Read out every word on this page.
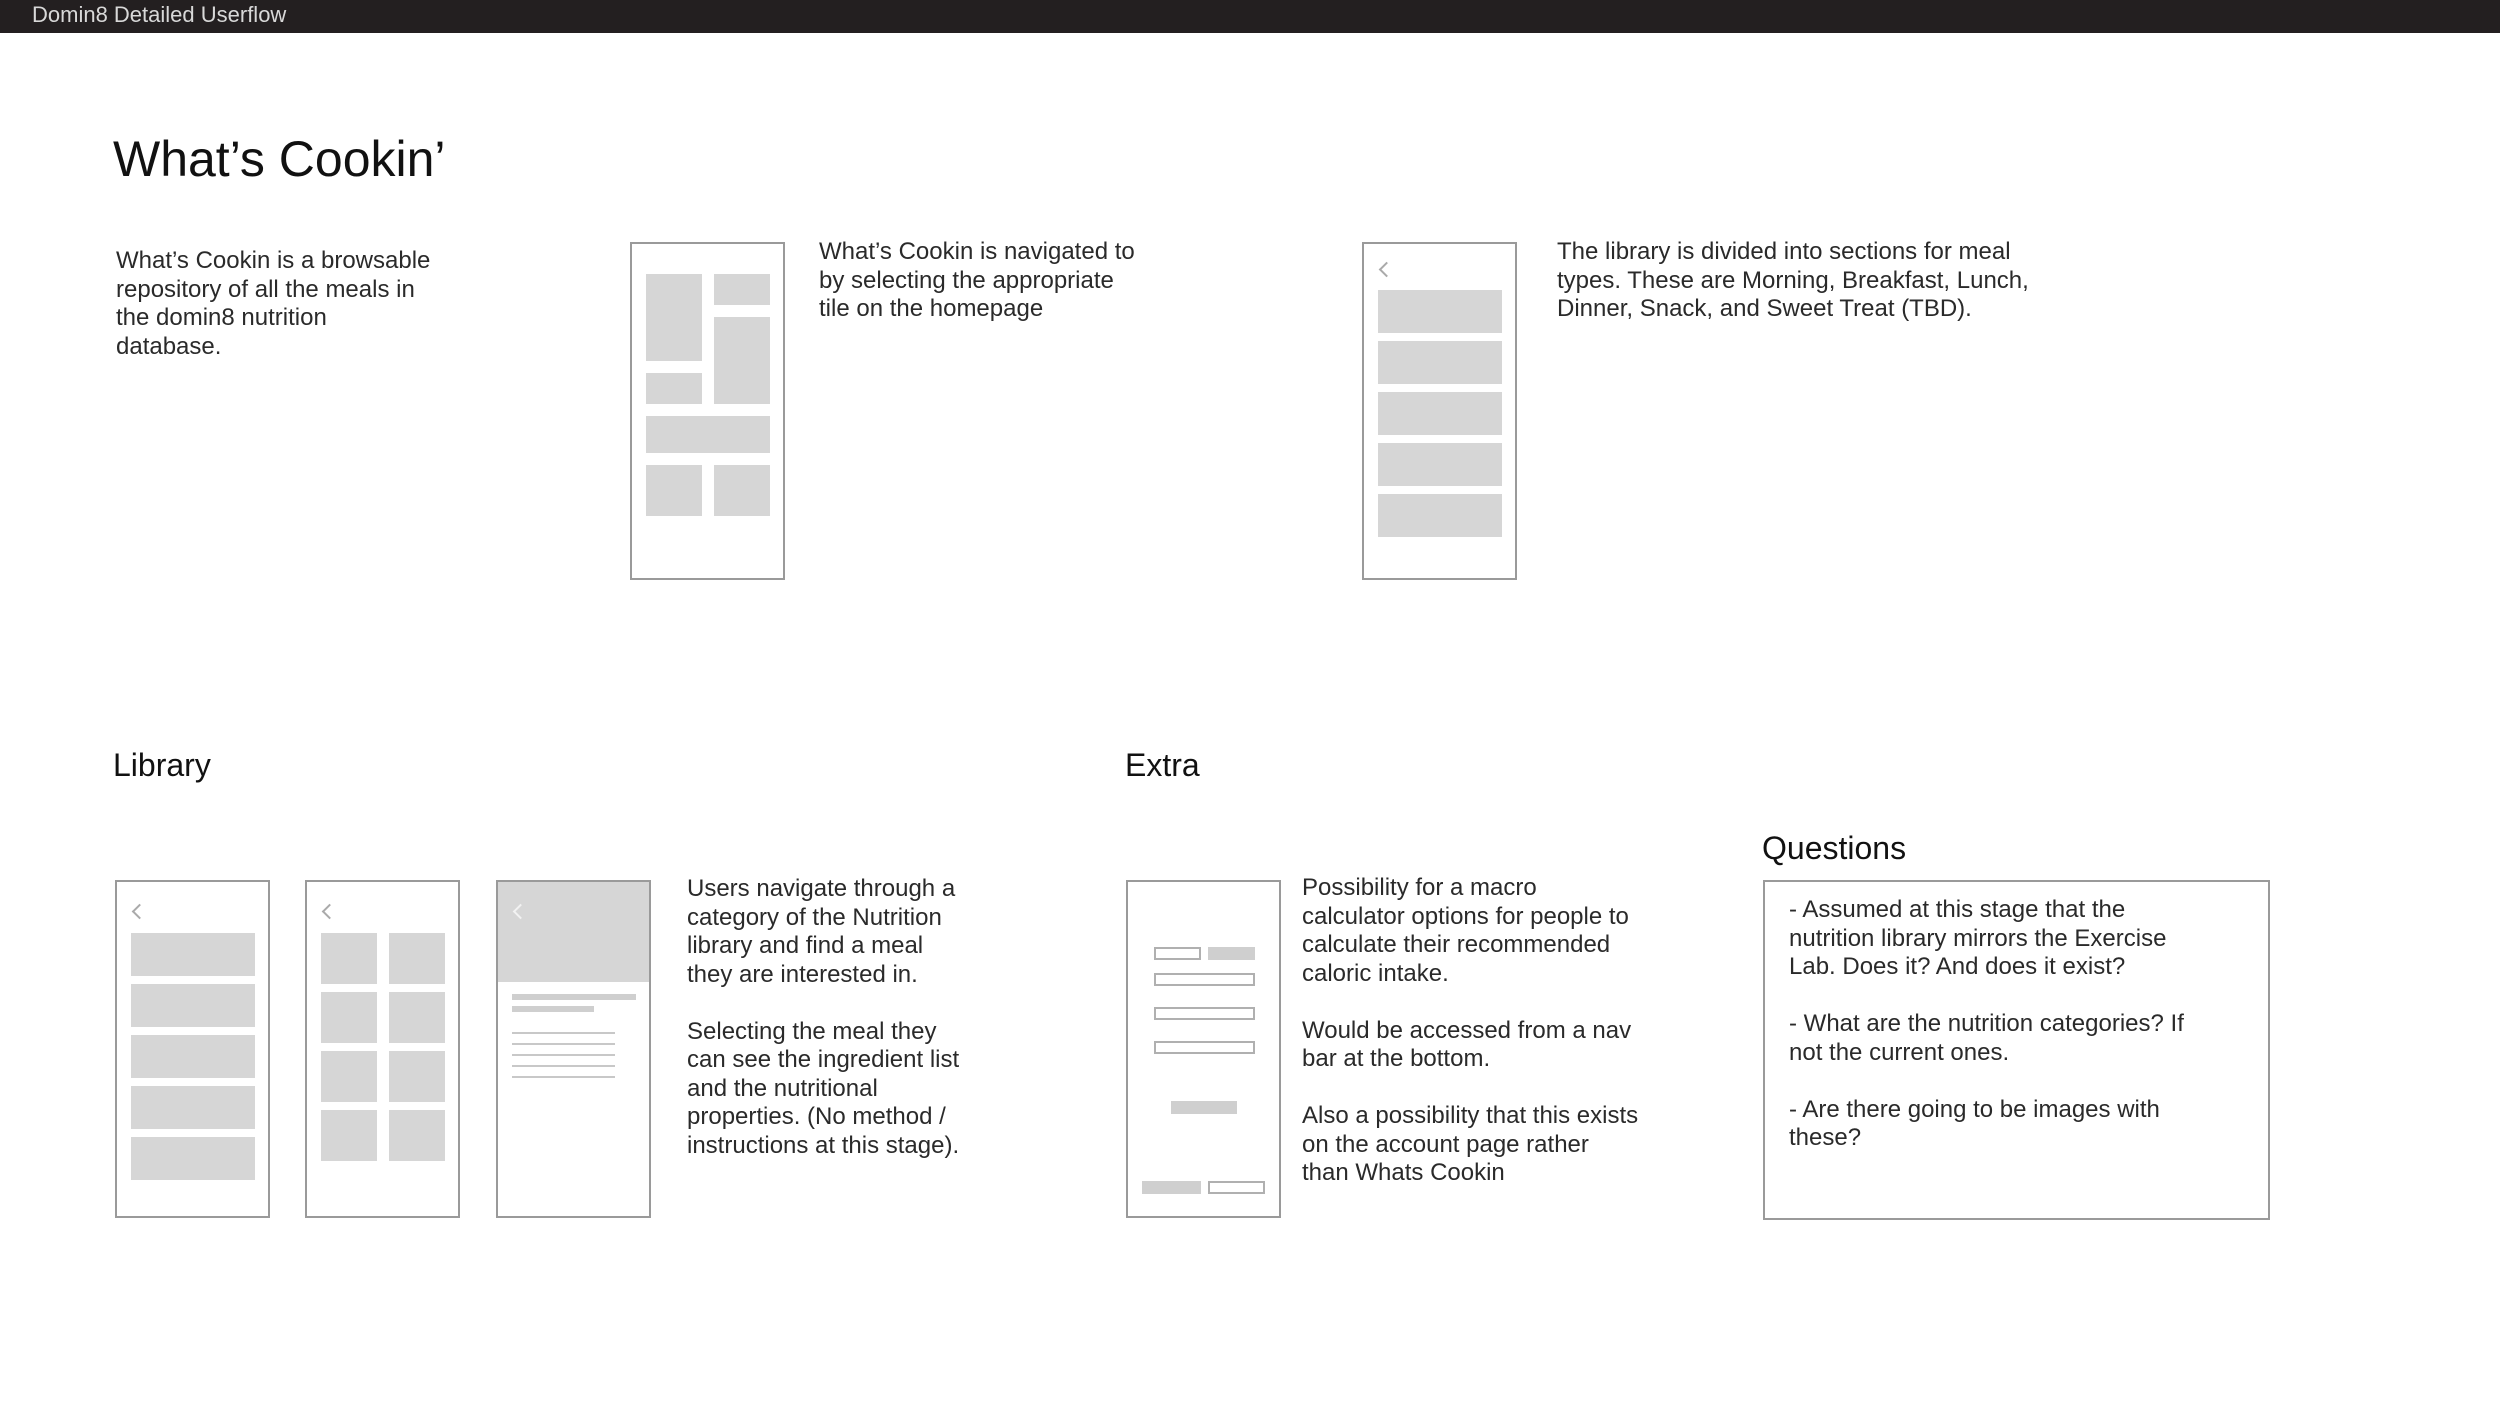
Domin8 Detailed Userflow
What’s Cookin’
What’s Cookin is a browsable
repository of all the meals in
the domin8 nutrition
database.
What’s Cookin is navigated to
by selecting the appropriate
tile on the homepage
The library is divided into sections for meal
types. These are Morning, Breakfast, Lunch,
Dinner, Snack, and Sweet Treat (TBD).
Library
Users navigate through a
category of the Nutrition
library and find a meal
they are interested in.

Selecting the meal they
can see the ingredient list
and the nutritional
properties. (No method /
instructions at this stage).
Extra
Possibility for a macro
calculator options for people to
calculate their recommended
caloric intake.

Would be accessed from a nav
bar at the bottom.

Also a possibility that this exists
on the account page rather
than Whats Cookin
Questions
- Assumed at this stage that the
nutrition library mirrors the Exercise
Lab. Does it? And does it exist?

- What are the nutrition categories? If
not the current ones.

- Are there going to be images with
these?
